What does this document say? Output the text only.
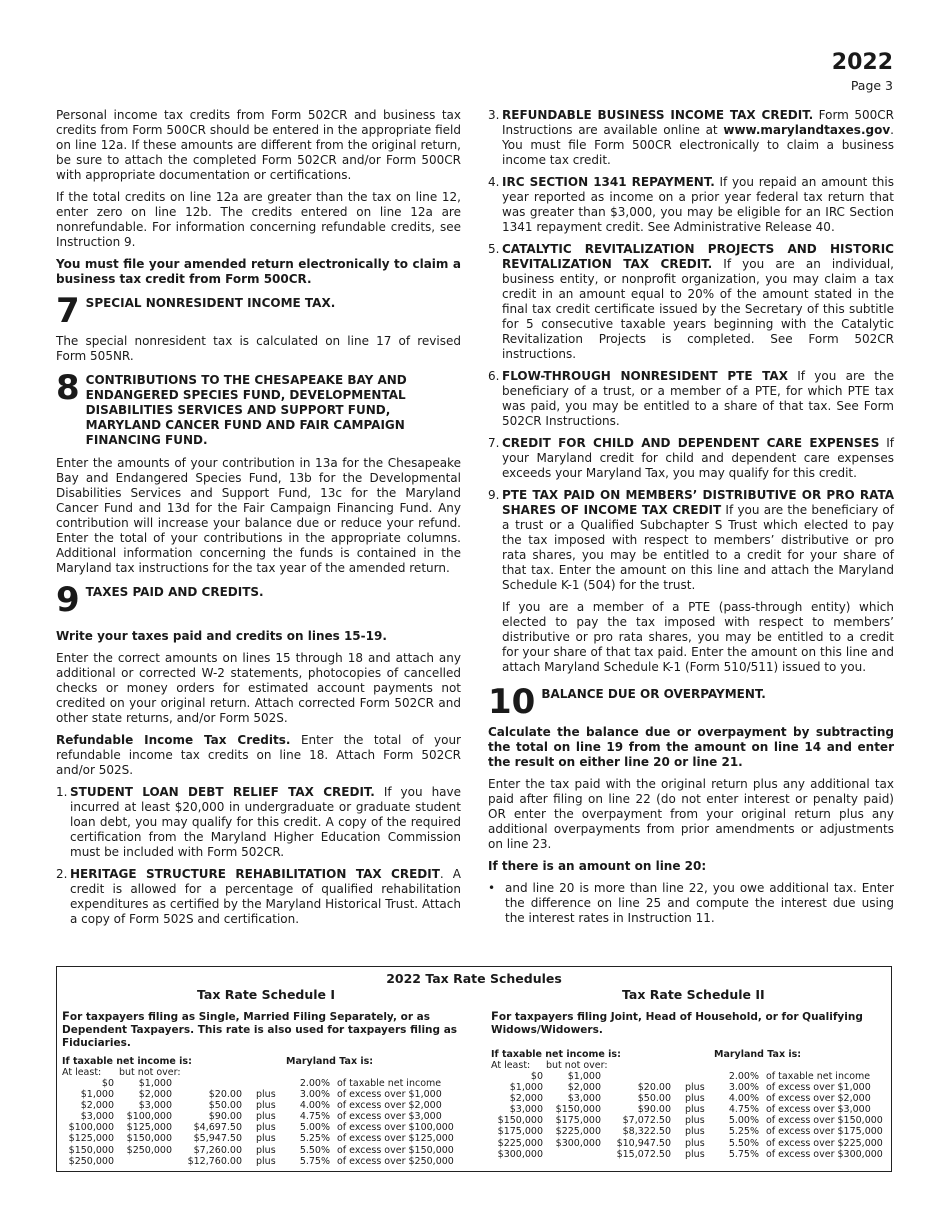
2022
Page 3

Personal income tax credits from Form 502CR and business tax credits from Form 500CR should be entered in the appropriate field on line 12a. If these amounts are different from the original return, be sure to attach the completed Form 502CR and/or Form 500CR with appropriate documentation or certifications.

If the total credits on line 12a are greater than the tax on line 12, enter zero on line 12b. The credits entered on line 12a are nonrefundable. For information concerning refundable credits, see Instruction 9.

You must file your amended return electronically to claim a business tax credit from Form 500CR.

7 SPECIAL NONRESIDENT INCOME TAX.

The special nonresident tax is calculated on line 17 of revised Form 505NR.

8 CONTRIBUTIONS TO THE CHESAPEAKE BAY AND ENDANGERED SPECIES FUND, DEVELOPMENTAL DISABILITIES SERVICES AND SUPPORT FUND, MARYLAND CANCER FUND AND FAIR CAMPAIGN FINANCING FUND.

Enter the amounts of your contribution in 13a for the Chesapeake Bay and Endangered Species Fund, 13b for the Developmental Disabilities Services and Support Fund, 13c for the Maryland Cancer Fund and 13d for the Fair Campaign Financing Fund. Any contribution will increase your balance due or reduce your refund. Enter the total of your contributions in the appropriate columns. Additional information concerning the funds is contained in the Maryland tax instructions for the tax year of the amended return.

9 TAXES PAID AND CREDITS.

Write your taxes paid and credits on lines 15-19.

Enter the correct amounts on lines 15 through 18 and attach any additional or corrected W-2 statements, photocopies of cancelled checks or money orders for estimated account payments not credited on your original return. Attach corrected Form 502CR and other state returns, and/or Form 502S.

Refundable Income Tax Credits. Enter the total of your refundable income tax credits on line 18. Attach Form 502CR and/or 502S.

1. STUDENT LOAN DEBT RELIEF TAX CREDIT. If you have incurred at least $20,000 in undergraduate or graduate student loan debt, you may qualify for this credit. A copy of the required certification from the Maryland Higher Education Commission must be included with Form 502CR.
2. HERITAGE STRUCTURE REHABILITATION TAX CREDIT. A credit is allowed for a percentage of qualified rehabilitation expenditures as certified by the Maryland Historical Trust. Attach a copy of Form 502S and certification.
3. REFUNDABLE BUSINESS INCOME TAX CREDIT. Form 500CR Instructions are available online at www.marylandtaxes.gov. You must file Form 500CR electronically to claim a business income tax credit.
4. IRC SECTION 1341 REPAYMENT. If you repaid an amount this year reported as income on a prior year federal tax return that was greater than $3,000, you may be eligible for an IRC Section 1341 repayment credit. See Administrative Release 40.
5. CATALYTIC REVITALIZATION PROJECTS AND HISTORIC REVITALIZATION TAX CREDIT. If you are an individual, business entity, or nonprofit organization, you may claim a tax credit in an amount equal to 20% of the amount stated in the final tax credit certificate issued by the Secretary of this subtitle for 5 consecutive taxable years beginning with the Catalytic Revitalization Projects is completed. See Form 502CR instructions.
6. FLOW-THROUGH NONRESIDENT PTE TAX If you are the beneficiary of a trust, or a member of a PTE, for which PTE tax was paid, you may be entitled to a share of that tax. See Form 502CR Instructions.
7. CREDIT FOR CHILD AND DEPENDENT CARE EXPENSES If your Maryland credit for child and dependent care expenses exceeds your Maryland Tax, you may qualify for this credit.
9. PTE TAX PAID ON MEMBERS’ DISTRIBUTIVE OR PRO RATA SHARES OF INCOME TAX CREDIT If you are the beneficiary of a trust or a Qualified Subchapter S Trust which elected to pay the tax imposed with respect to members’ distributive or pro rata shares, you may be entitled to a credit for your share of that tax. Enter the amount on this line and attach the Maryland Schedule K-1 (504) for the trust.

If you are a member of a PTE (pass-through entity) which elected to pay the tax imposed with respect to members’ distributive or pro rata shares, you may be entitled to a credit for your share of that tax paid. Enter the amount on this line and attach Maryland Schedule K-1 (Form 510/511) issued to you.

10 BALANCE DUE OR OVERPAYMENT.

Calculate the balance due or overpayment by subtracting the total on line 19 from the amount on line 14 and enter the result on either line 20 or line 21.

Enter the tax paid with the original return plus any additional tax paid after filing on line 22 (do not enter interest or penalty paid) OR enter the overpayment from your original return plus any additional overpayments from prior amendments or adjustments on line 23.

If there is an amount on line 20:

• and line 20 is more than line 22, you owe additional tax. Enter the difference on line 25 and compute the interest due using the interest rates in Instruction 11.
2022 Tax Rate Schedules
Tax Rate Schedule I
For taxpayers filing as Single, Married Filing Separately, or as Dependent Taxpayers. This rate is also used for taxpayers filing as Fiduciaries.
If taxable net income is:	Maryland Tax is:
At least: but not over:
$0	$1,000	2.00% of taxable net income
$1,000	$2,000	$20.00	plus	3.00% of excess over $1,000
$2,000	$3,000	$50.00	plus	4.00% of excess over $2,000
$3,000	$100,000	$90.00	plus	4.75% of excess over $3,000
$100,000	$125,000	$4,697.50	plus	5.00% of excess over $100,000
$125,000	$150,000	$5,947.50	plus	5.25% of excess over $125,000
$150,000	$250,000	$7,260.00	plus	5.50% of excess over $150,000
$250,000	$12,760.00	plus	5.75% of excess over $250,000
Tax Rate Schedule II
For taxpayers filing Joint, Head of Household, or for Qualifying Widows/Widowers.
If taxable net income is:	Maryland Tax is:
At least: but not over:
$0	$1,000	2.00% of taxable net income
$1,000	$2,000	$20.00	plus	3.00% of excess over $1,000
$2,000	$3,000	$50.00	plus	4.00% of excess over $2,000
$3,000	$150,000	$90.00	plus	4.75% of excess over $3,000
$150,000	$175,000	$7,072.50	plus	5.00% of excess over $150,000
$175,000	$225,000	$8,322.50	plus	5.25% of excess over $175,000
$225,000	$300,000	$10,947.50	plus	5.50% of excess over $225,000
$300,000	$15,072.50	plus	5.75% of excess over $300,000
